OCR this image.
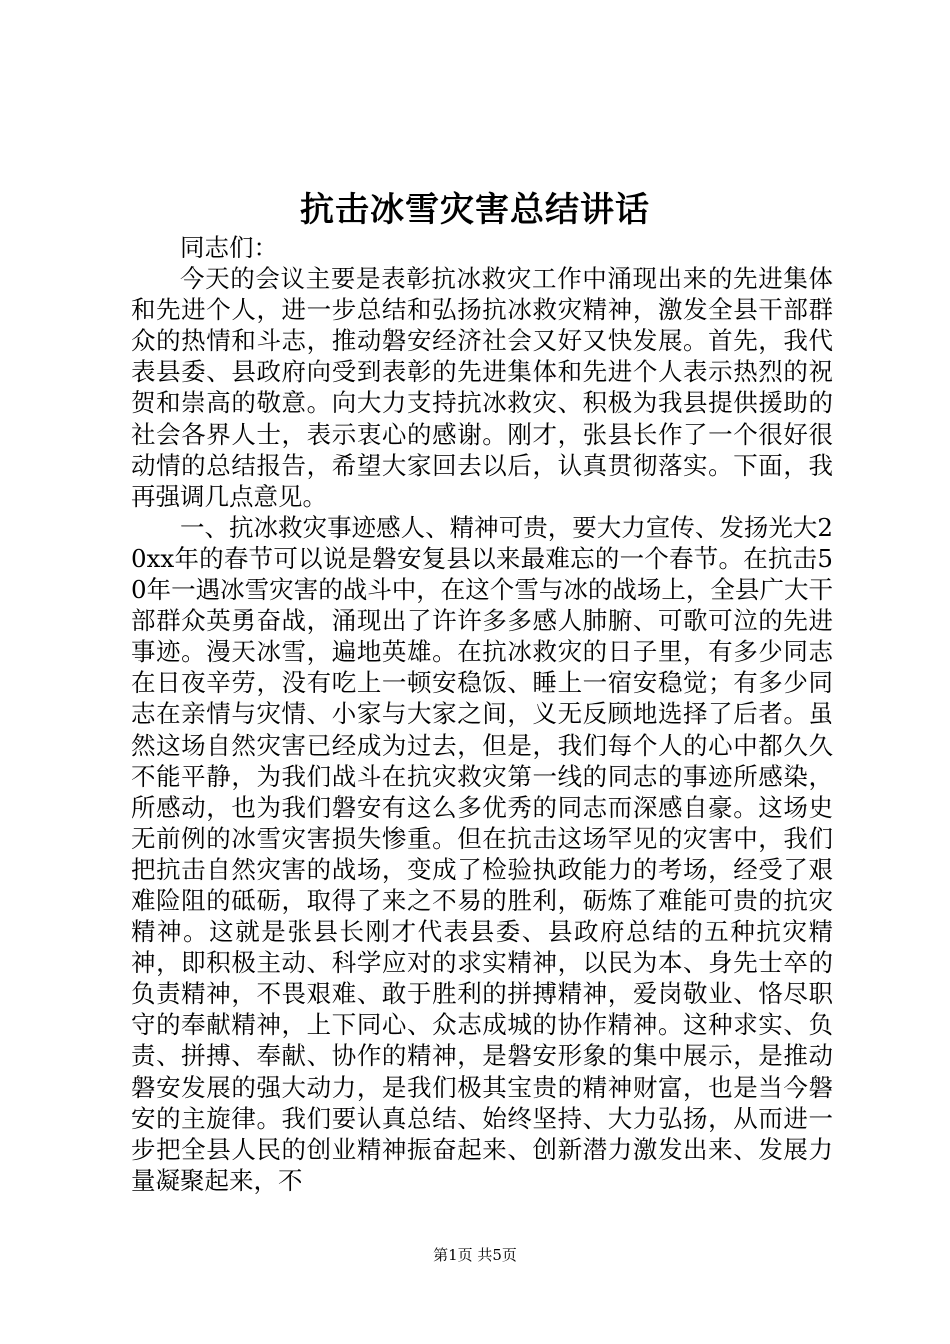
抗击冰雪灾害总结讲话

同志们：

今天的会议主要是表彰抗冰救灾工作中涌现出来的先进集体和先进个人，进一步总结和弘扬抗冰救灾精神，激发全县干部群众的热情和斗志，推动磐安经济社会又好又快发展。首先，我代表县委、县政府向受到表彰的先进集体和先进个人表示热烈的祝贺和崇高的敬意。向大力支持抗冰救灾、积极为我县提供援助的社会各界人士，表示衷心的感谢。刚才，张县长作了一个很好很动情的总结报告，希望大家回去以后，认真贯彻落实。下面，我再强调几点意见。

一、抗冰救灾事迹感人、精神可贵，要大力宣传、发扬光大20xx年的春节可以说是磐安复县以来最难忘的一个春节。在抗击50年一遇冰雪灾害的战斗中，在这个雪与冰的战场上，全县广大干部群众英勇奋战，涌现出了许许多多感人肺腑、可歌可泣的先进事迹。漫天冰雪，遍地英雄。在抗冰救灾的日子里，有多少同志在日夜辛劳，没有吃上一顿安稳饭、睡上一宿安稳觉；有多少同志在亲情与灾情、小家与大家之间，义无反顾地选择了后者。虽然这场自然灾害已经成为过去，但是，我们每个人的心中都久久不能平静，为我们战斗在抗灾救灾第一线的同志的事迹所感染，所感动，也为我们磐安有这么多优秀的同志而深感自豪。这场史无前例的冰雪灾害损失惨重。但在抗击这场罕见的灾害中，我们把抗击自然灾害的战场，变成了检验执政能力的考场，经受了艰难险阻的砥砺，取得了来之不易的胜利，砺炼了难能可贵的抗灾精神。这就是张县长刚才代表县委、县政府总结的五种抗灾精神，即积极主动、科学应对的求实精神，以民为本、身先士卒的负责精神，不畏艰难、敢于胜利的拼搏精神，爱岗敬业、恪尽职守的奉献精神，上下同心、众志成城的协作精神。这种求实、负责、拼搏、奉献、协作的精神，是磐安形象的集中展示，是推动磐安发展的强大动力，是我们极其宝贵的精神财富，也是当今磐安的主旋律。我们要认真总结、始终坚持、大力弘扬，从而进一步把全县人民的创业精神振奋起来、创新潜力激发出来、发展力量凝聚起来，不

第1页 共5页
